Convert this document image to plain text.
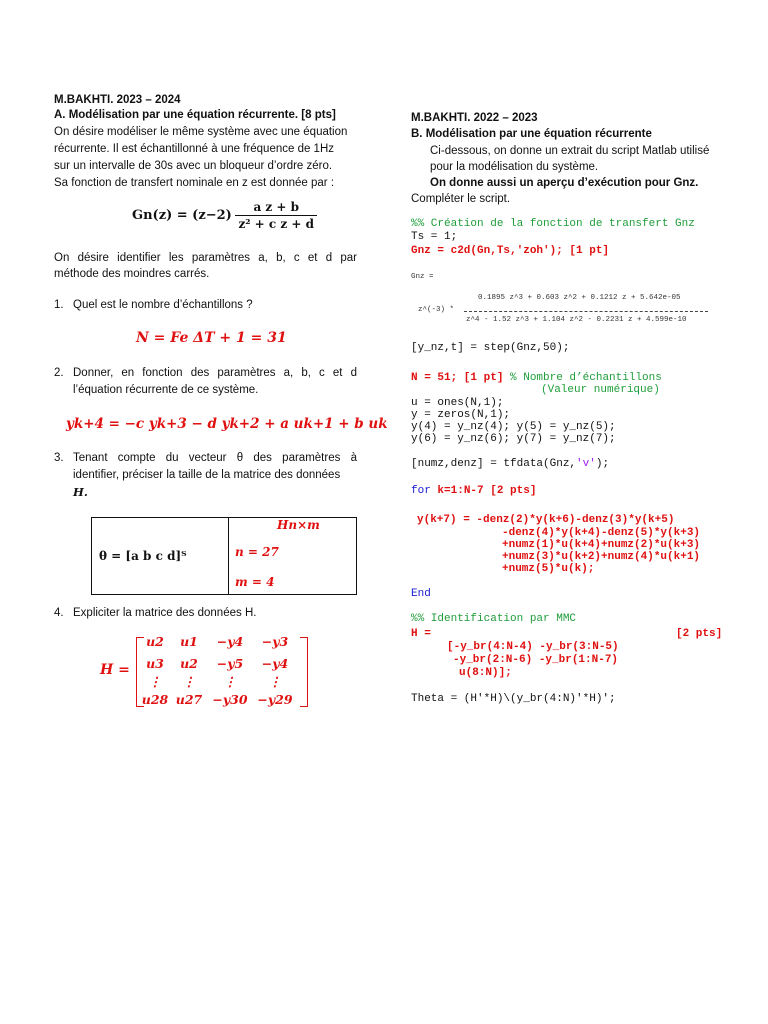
M.BAKHTI. 2023 – 2024
A. Modélisation par une équation récurrente. [8 pts]
On désire modéliser le même système avec une équation
récurrente. Il est échantillonné à une fréquence de 1Hz
sur un intervalle de 30s avec un bloqueur d’ordre zéro.
Sa fonction de transfert nominale en z est donnée par :
$Gn(z) = (z-2) \frac{\text{a z + b}}{\text{z² + c z + d}}$
On désire identifier les paramètres a, b, c et d par
méthode des moindres carrés.
1. Quel est le nombre d’échantillons ?
N = Fe ΔT + 1 = 31
2. Donner, en fonction des paramètres a, b, c et d
l’équation récurrente de ce système.
yk+4 = −c yk+3 − d yk+2 + a uk+1 + b uk
3. Tenant compte du vecteur θ des paramètres à
identifier, préciser la taille de la matrice des données
H.
θ = [a b c d]ᵀ

Hn×m
n = 27
m = 4
4. Expliciter la matrice des données H.
H =
u2	u1	−y4	−y3
u3	u2	−y5	−y4
⋮	⋮	⋮	⋮
u28 u27 −y30 −y29
M.BAKHTI. 2022 – 2023
B. Modélisation par une équation récurrente
Ci-dessous, on donne un extrait du script Matlab utilisé
pour la modélisation du système.
On donne aussi un aperçu d’exécution pour Gnz.
Compléter le script.
%% Création de la fonction de transfert Gnz
Ts = 1;
Gnz = c2d(Gn,Ts,'zoh'); [1 pt]
Gnz =
0.1895 z^3 + 0.603 z^2 + 0.1212 z + 5.642e-05
z^(-3) *
z^4 - 1.52 z^3 + 1.104 z^2 - 0.2231 z + 4.599e-10
[y_nz,t] = step(Gnz,50);
N = 51; [1 pt] % Nombre d’échantillons
(Valeur numérique)
u = ones(N,1);
y = zeros(N,1);
y(4) = y_nz(4); y(5) = y_nz(5);
y(6) = y_nz(6); y(7) = y_nz(7);
[numz,denz] = tfdata(Gnz,'v');
for k=1:N-7 [2 pts]
y(k+7) = -denz(2)*y(k+6)-denz(3)*y(k+5)
-denz(4)*y(k+4)-denz(5)*y(k+3)
+numz(1)*u(k+4)+numz(2)*u(k+3)
+numz(3)*u(k+2)+numz(4)*u(k+1)
+numz(5)*u(k);
End
%% Identification par MMC
H =	[2 pts]
[-y_br(4:N-4) -y_br(3:N-5)
-y_br(2:N-6) -y_br(1:N-7)
u(8:N)];
Theta = (H'*H)\(y_br(4:N)'*H)';
